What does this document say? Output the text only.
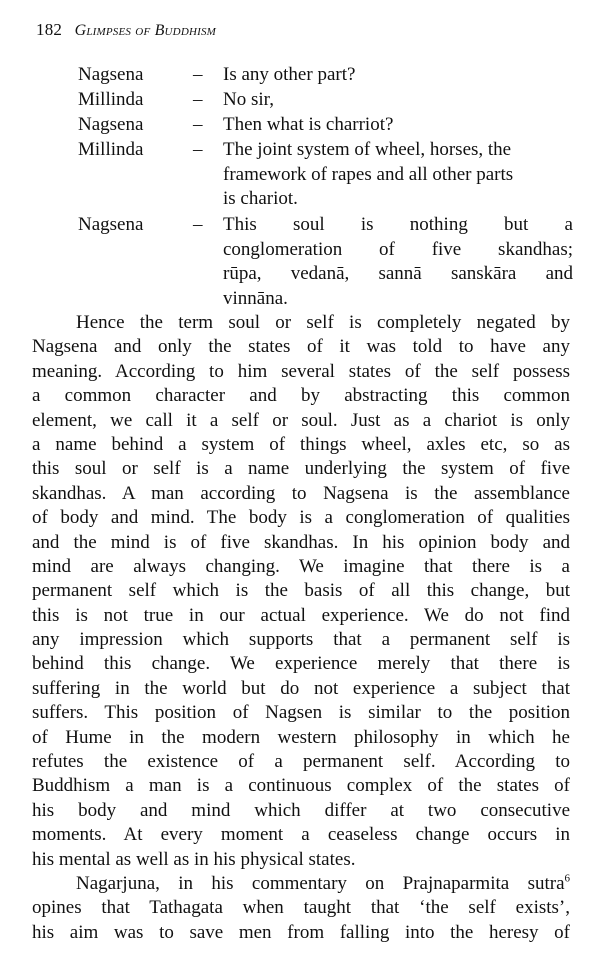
182 Glimpses of Buddhism
Nagsena	– Is any other part?
Millinda	– No sir,
Nagsena	– Then what is charriot?
Millinda	– The joint system of wheel, horses, the
framework of rapes and all other parts
is chariot.
Nagsena	– This soul is nothing but a
conglomeration of five skandhas;
rūpa, vedanā, sannā sanskāra and
vinnāna.
Hence the term soul or self is completely negated by
Nagsena and only the states of it was told to have any
meaning. According to him several states of the self possess
a common character and by abstracting this common
element, we call it a self or soul. Just as a chariot is only
a name behind a system of things wheel, axles etc, so as
this soul or self is a name underlying the system of five
skandhas. A man according to Nagsena is the assemblance
of body and mind. The body is a conglomeration of qualities
and the mind is of five skandhas. In his opinion body and
mind are always changing. We imagine that there is a
permanent self which is the basis of all this change, but
this is not true in our actual experience. We do not find
any impression which supports that a permanent self is
behind this change. We experience merely that there is
suffering in the world but do not experience a subject that
suffers. This position of Nagsen is similar to the position
of Hume in the modern western philosophy in which he
refutes the existence of a permanent self. According to
Buddhism a man is a continuous complex of the states of
his body and mind which differ at two consecutive
moments. At every moment a ceaseless change occurs in
his mental as well as in his physical states.
Nagarjuna, in his commentary on Prajnaparmita sutra$^6$
opines that Tathagata when taught that ‘the self exists’,
his aim was to save men from falling into the heresy of
